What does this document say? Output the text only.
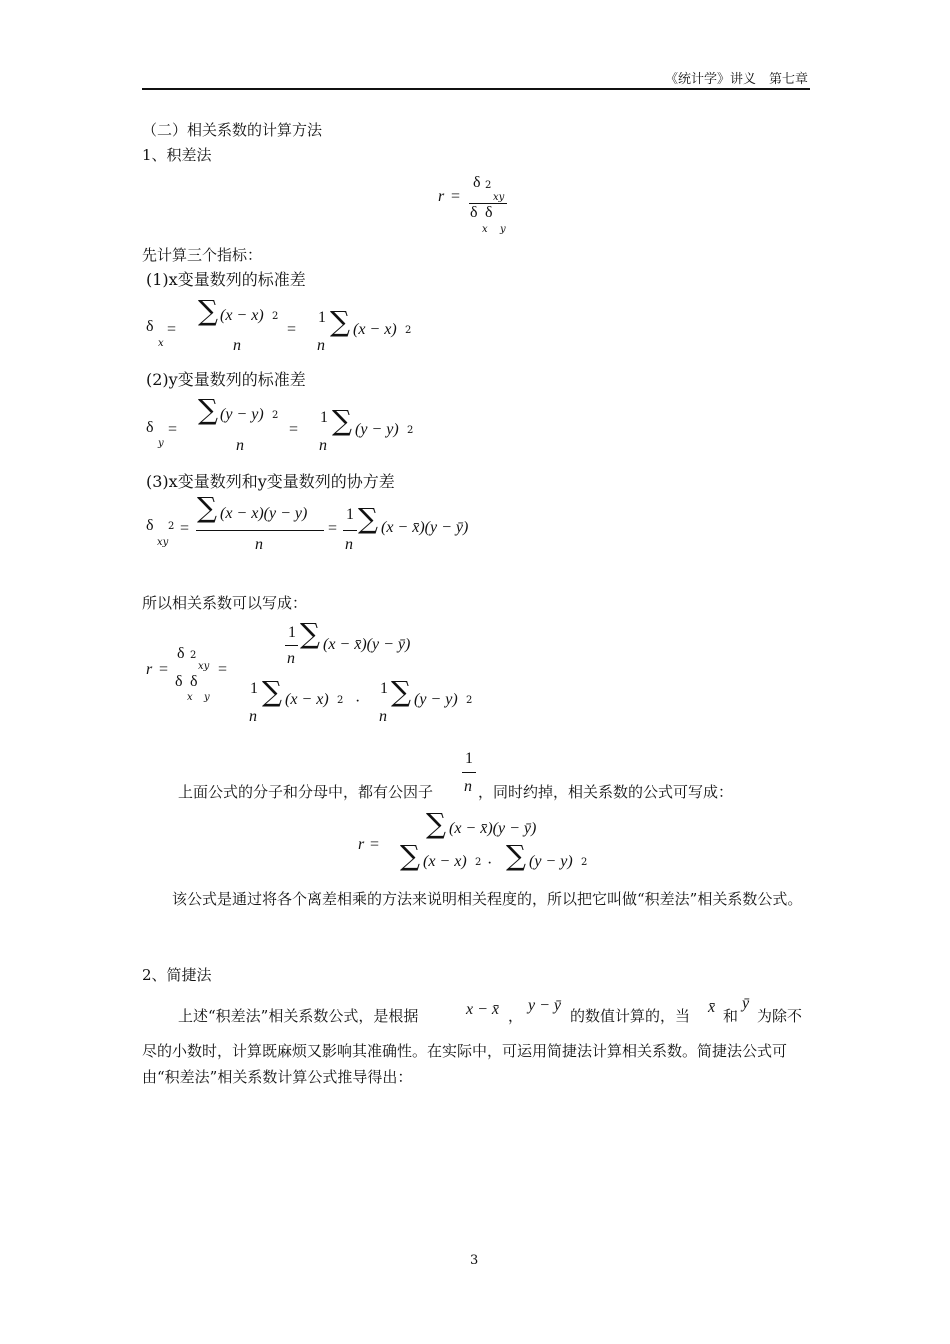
《统计学》讲义　第七章
（二）相关系数的计算方法
1、积差法
r =
δ 2
xy
δ δ
x y
先计算三个指标：
(1)x变量数列的标准差
δ
x
=
∑ (x − x) 2
n
=
1
n
∑ (x − x) 2
(2)y变量数列的标准差
δ
y
=
∑ (y − y) 2
n
=
1
n
∑ (y − y) 2
(3)x变量数列和y变量数列的协方差
δ 2
xy
=
∑ (x − x)(y − y)
n
=
1
n
∑ (x − x̄)(y − ȳ)
所以相关系数可以写成：
r =
δ 2
xy
δ δ
x y
=
1
n
∑ (x − x̄)(y − ȳ)
1
n
∑ (x − x) 2 ·
1
n
∑ (y − y) 2
1
n
上面公式的分子和分母中，都有公因子	，同时约掉，相关系数的公式可写成：
r =
∑ (x − x̄)(y − ȳ)
∑ (x − x) 2 · ∑ (y − y) 2
该公式是通过将各个离差相乘的方法来说明相关程度的，所以把它叫做“积差法”相关系数公式。
2、简捷法
上述“积差法”相关系数公式，是根据	x − x̄ ，
y − ȳ
的数值计算的，当 x̄ 和
ȳ
为除不
尽的小数时，计算既麻烦又影响其准确性。在实际中，可运用简捷法计算相关系数。简捷法公式可由“积差法”相关系数计算公式推导得出：
3
